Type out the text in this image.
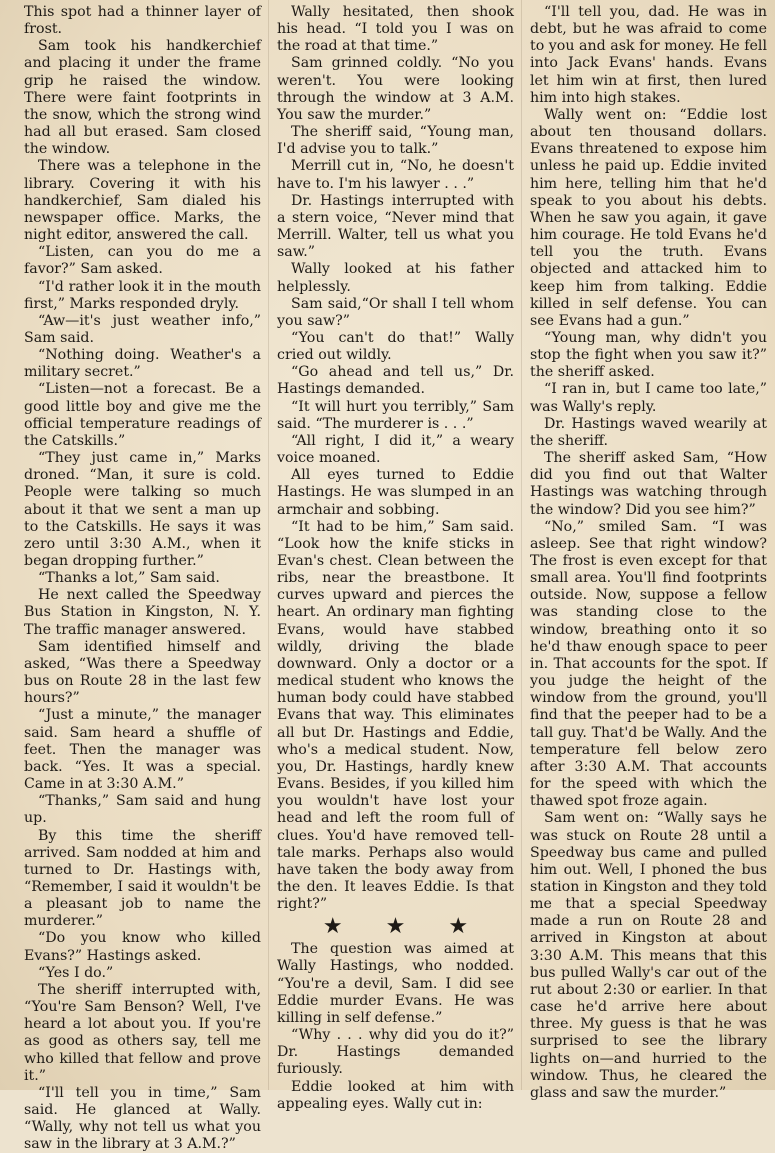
This spot had a thinner layer of frost.

Sam took his handkerchief and placing it under the frame grip he raised the window. There were faint footprints in the snow, which the strong wind had all but erased. Sam closed the window.

There was a telephone in the library. Covering it with his handkerchief, Sam dialed his newspaper office. Marks, the night editor, answered the call.

“Listen, can you do me a favor?” Sam asked.

“I'd rather look it in the mouth first,” Marks responded dryly.

“Aw—it's just weather info,” Sam said.

“Nothing doing. Weather's a military secret.”

“Listen—not a forecast. Be a good little boy and give me the official temperature readings of the Catskills.”

“They just came in,” Marks droned. “Man, it sure is cold. People were talking so much about it that we sent a man up to the Catskills. He says it was zero until 3:30 A.M., when it began dropping further.”

“Thanks a lot,” Sam said.

He next called the Speedway Bus Station in Kingston, N. Y. The traffic manager answered.

Sam identified himself and asked, “Was there a Speedway bus on Route 28 in the last few hours?”

“Just a minute,” the manager said. Sam heard a shuffle of feet. Then the manager was back. “Yes. It was a special. Came in at 3:30 A.M.”

“Thanks,” Sam said and hung up.

By this time the sheriff arrived. Sam nodded at him and turned to Dr. Hastings with, “Remember, I said it wouldn't be a pleasant job to name the murderer.”

“Do you know who killed Evans?” Hastings asked.

“Yes I do.”

The sheriff interrupted with, “You're Sam Benson? Well, I've heard a lot about you. If you're as good as others say, tell me who killed that fellow and prove it.”

“I'll tell you in time,” Sam said. He glanced at Wally. “Wally, why not tell us what you saw in the library at 3 A.M.?”

Wally hesitated, then shook his head. “I told you I was on the road at that time.”

Sam grinned coldly. “No you weren't. You were looking through the window at 3 A.M. You saw the murder.”

The sheriff said, “Young man, I'd advise you to talk.”

Merrill cut in, “No, he doesn't have to. I'm his lawyer . . .”

Dr. Hastings interrupted with a stern voice, “Never mind that Merrill. Walter, tell us what you saw.”

Wally looked at his father helplessly.

Sam said,“Or shall I tell whom you saw?”

“You can't do that!” Wally cried out wildly.

“Go ahead and tell us,” Dr. Hastings demanded.

“It will hurt you terribly,” Sam said. “The murderer is . . .”

“All right, I did it,” a weary voice moaned.

All eyes turned to Eddie Hastings. He was slumped in an armchair and sobbing.

“It had to be him,” Sam said. “Look how the knife sticks in Evan's chest. Clean between the ribs, near the breastbone. It curves upward and pierces the heart. An ordinary man fighting Evans, would have stabbed wildly, driving the blade downward. Only a doctor or a medical student who knows the human body could have stabbed Evans that way. This eliminates all but Dr. Hastings and Eddie, who's a medical student. Now, you, Dr. Hastings, hardly knew Evans. Besides, if you killed him you wouldn't have lost your head and left the room full of clues. You'd have removed tell-tale marks. Perhaps also would have taken the body away from the den. It leaves Eddie. Is that right?”

★ ★ ★

The question was aimed at Wally Hastings, who nodded. “You're a devil, Sam. I did see Eddie murder Evans. He was killing in self defense.”

“Why . . . why did you do it?” Dr. Hastings demanded furiously.

Eddie looked at him with appealing eyes. Wally cut in:

“I'll tell you, dad. He was in debt, but he was afraid to come to you and ask for money. He fell into Jack Evans' hands. Evans let him win at first, then lured him into high stakes.

Wally went on: “Eddie lost about ten thousand dollars. Evans threatened to expose him unless he paid up. Eddie invited him here, telling him that he'd speak to you about his debts. When he saw you again, it gave him courage. He told Evans he'd tell you the truth. Evans objected and attacked him to keep him from talking. Eddie killed in self defense. You can see Evans had a gun.”

“Young man, why didn't you stop the fight when you saw it?” the sheriff asked.

“I ran in, but I came too late,” was Wally's reply.

Dr. Hastings waved wearily at the sheriff.

The sheriff asked Sam, “How did you find out that Walter Hastings was watching through the window? Did you see him?”

“No,” smiled Sam. “I was asleep. See that right window? The frost is even except for that small area. You'll find footprints outside. Now, suppose a fellow was standing close to the window, breathing onto it so he'd thaw enough space to peer in. That accounts for the spot. If you judge the height of the window from the ground, you'll find that the peeper had to be a tall guy. That'd be Wally. And the temperature fell below zero after 3:30 A.M. That accounts for the speed with which the thawed spot froze again.

Sam went on: “Wally says he was stuck on Route 28 until a Speedway bus came and pulled him out. Well, I phoned the bus station in Kingston and they told me that a special Speedway made a run on Route 28 and arrived in Kingston at about 3:30 A.M. This means that this bus pulled Wally's car out of the rut about 2:30 or earlier. In that case he'd arrive here about three. My guess is that he was surprised to see the library lights on—and hurried to the window. Thus, he cleared the glass and saw the murder.”
